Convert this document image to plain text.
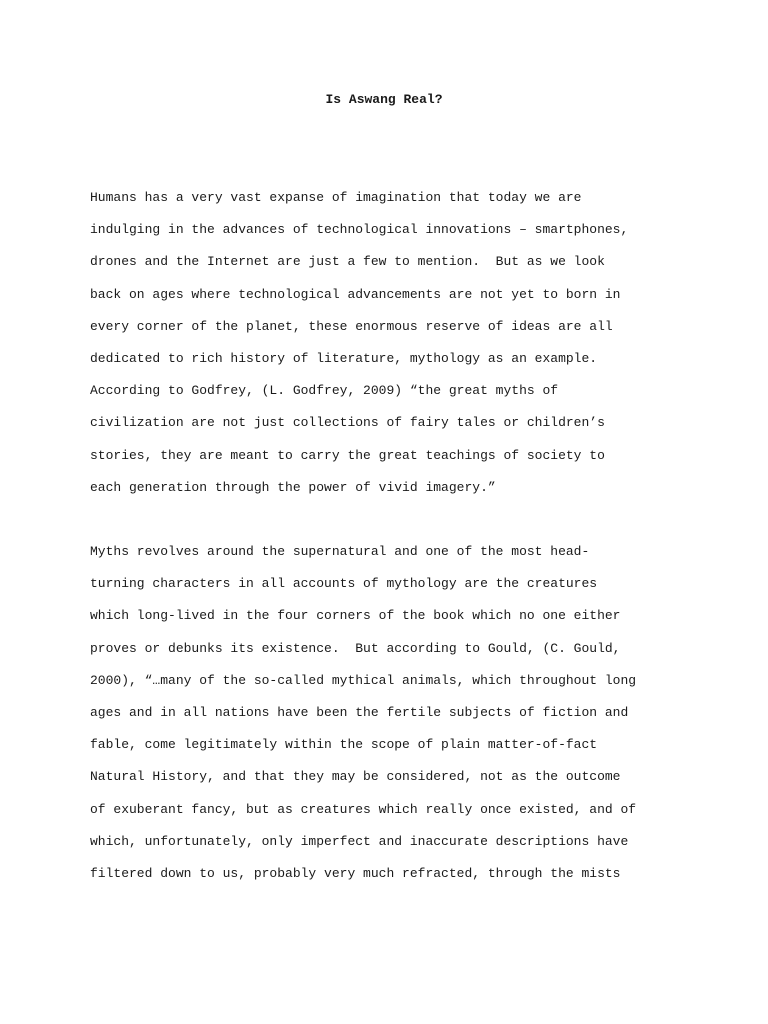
Is Aswang Real?
Humans has a very vast expanse of imagination that today we are
indulging in the advances of technological innovations – smartphones,
drones and the Internet are just a few to mention.  But as we look
back on ages where technological advancements are not yet to born in
every corner of the planet, these enormous reserve of ideas are all
dedicated to rich history of literature, mythology as an example.
According to Godfrey, (L. Godfrey, 2009) “the great myths of
civilization are not just collections of fairy tales or children’s
stories, they are meant to carry the great teachings of society to
each generation through the power of vivid imagery.”
Myths revolves around the supernatural and one of the most head-
turning characters in all accounts of mythology are the creatures
which long-lived in the four corners of the book which no one either
proves or debunks its existence.  But according to Gould, (C. Gould,
2000), “…many of the so-called mythical animals, which throughout long
ages and in all nations have been the fertile subjects of fiction and
fable, come legitimately within the scope of plain matter-of-fact
Natural History, and that they may be considered, not as the outcome
of exuberant fancy, but as creatures which really once existed, and of
which, unfortunately, only imperfect and inaccurate descriptions have
filtered down to us, probably very much refracted, through the mists
